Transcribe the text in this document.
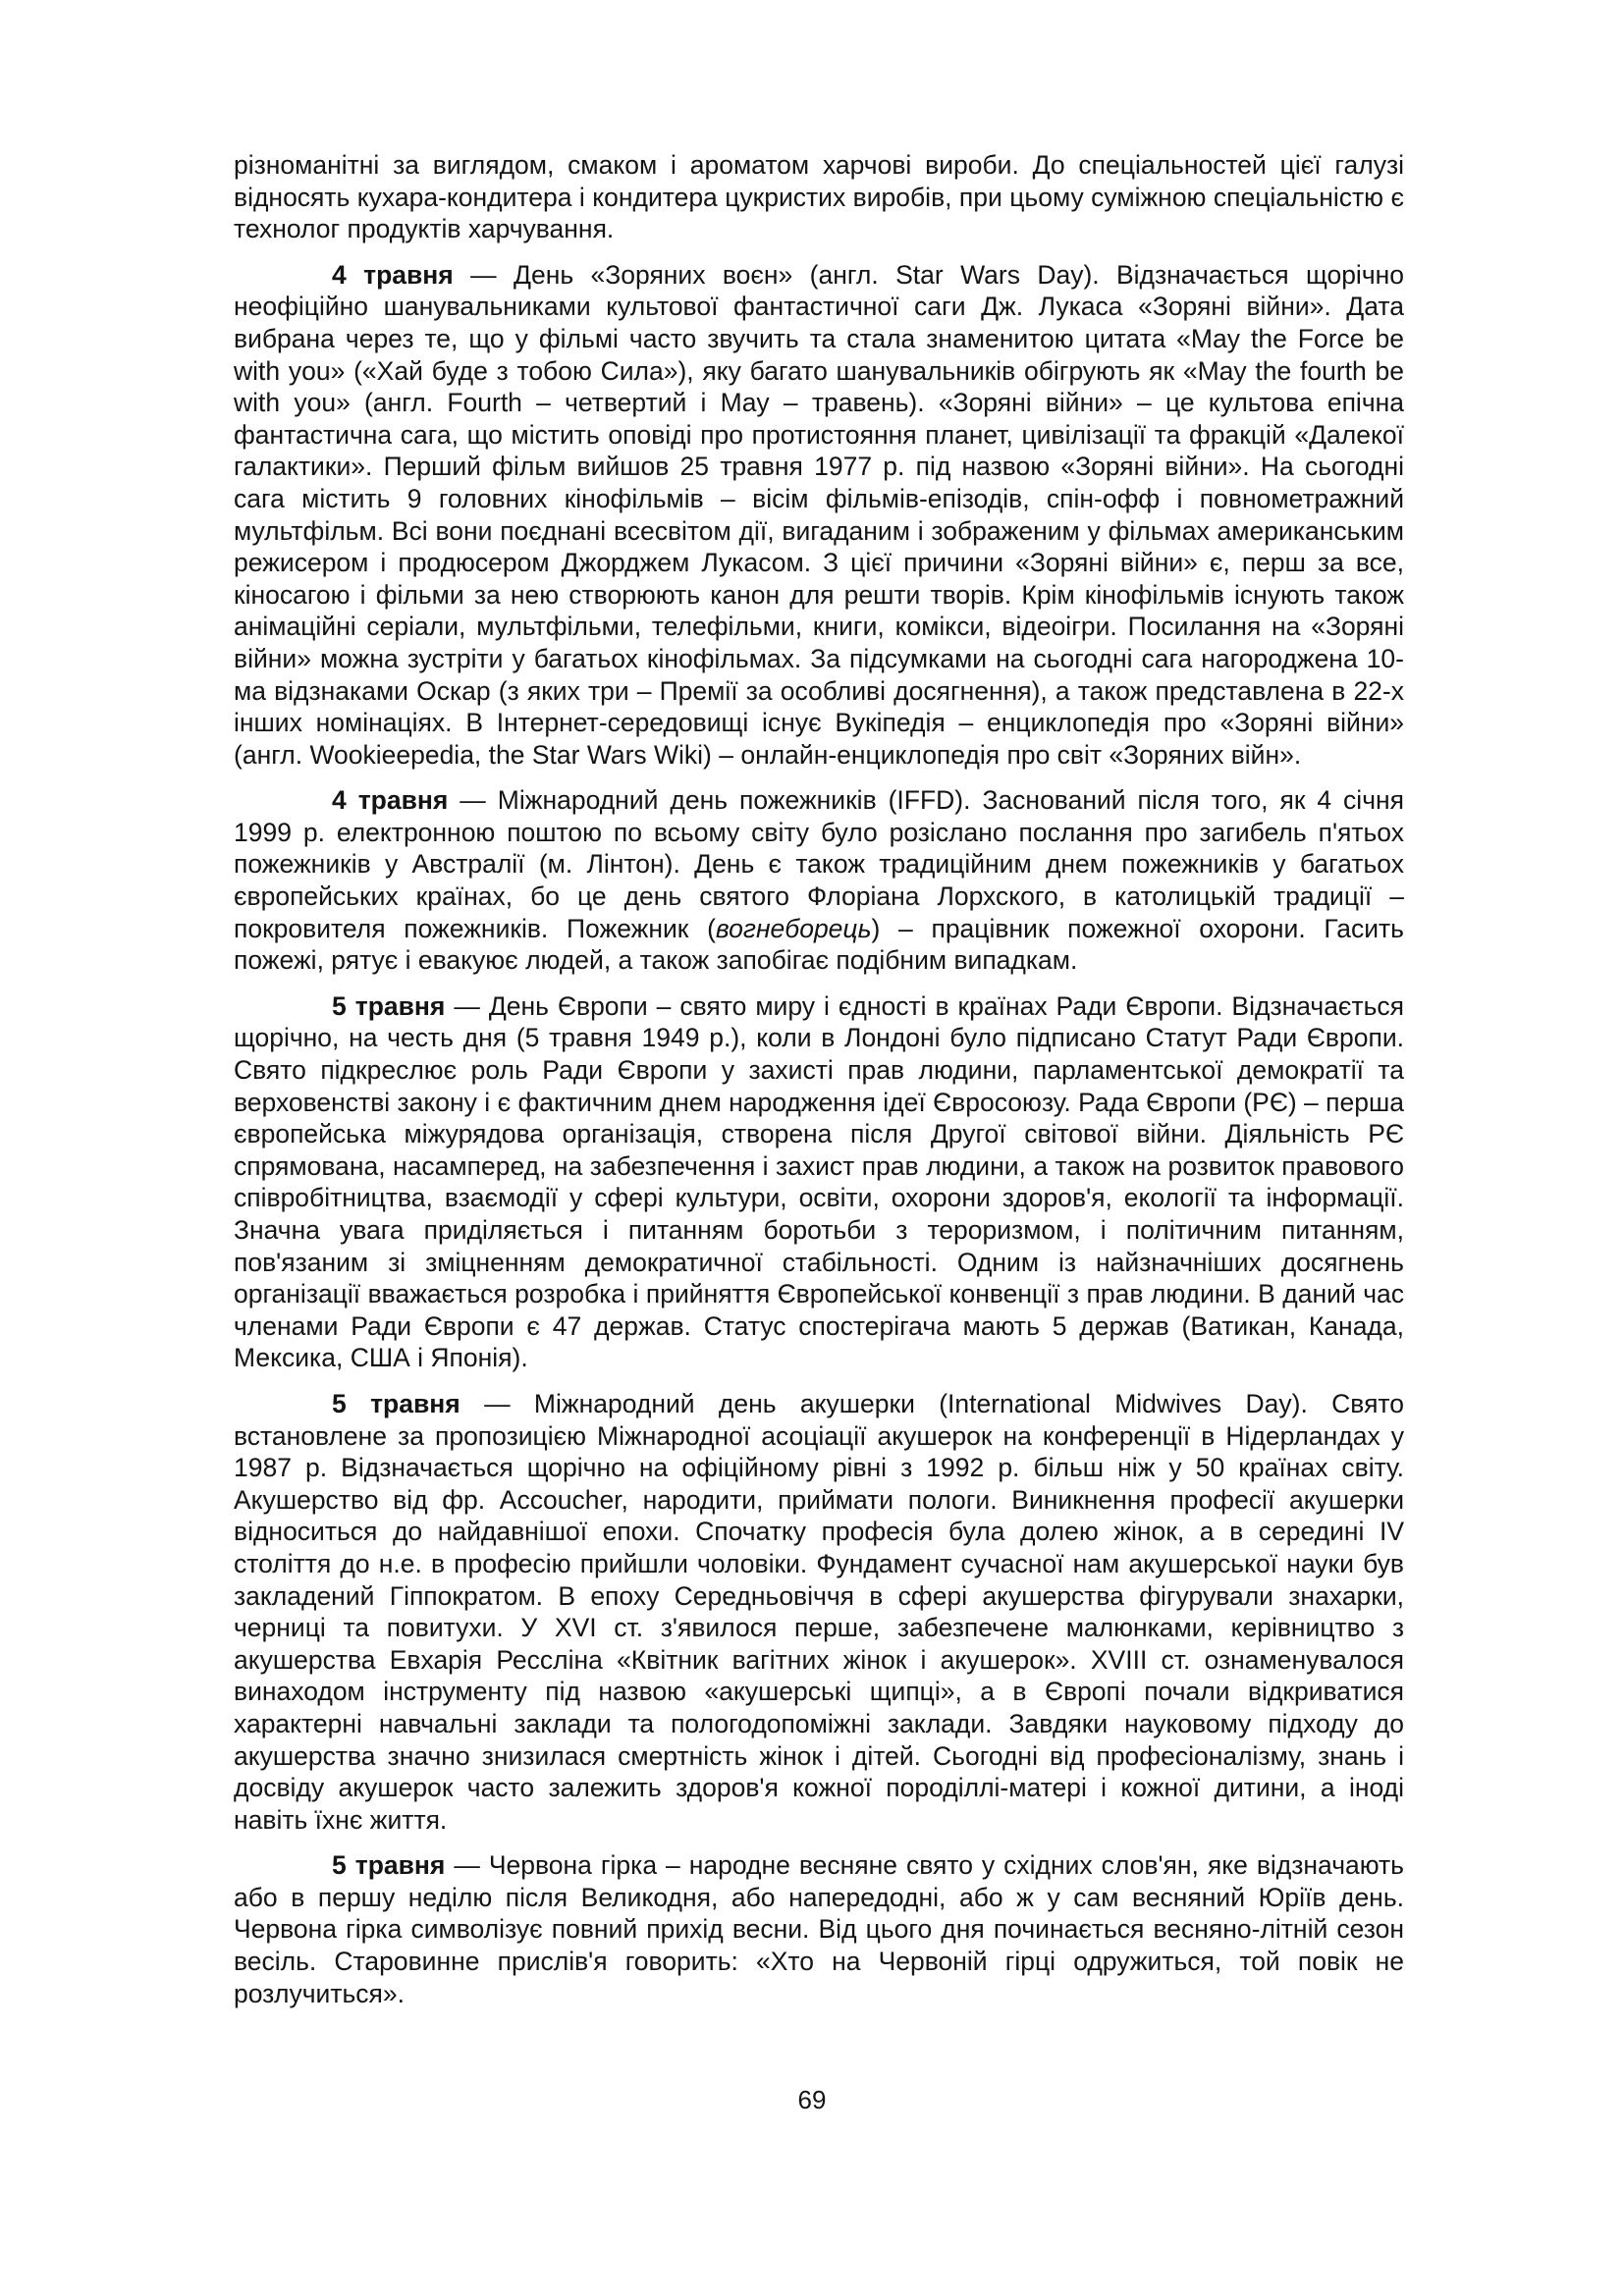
різноманітні за виглядом, смаком і ароматом харчові вироби. До спеціальностей цієї галузі відносять кухара-кондитера і кондитера цукристих виробів, при цьому суміжною спеціальністю є технолог продуктів харчування.

4 травня — День «Зоряних воєн» (англ. Star Wars Day). Відзначається щорічно неофіційно шанувальниками культової фантастичної саги Дж. Лукаса «Зоряні війни». Дата вибрана через те, що у фільмі часто звучить та стала знаменитою цитата «May the Force be with you» («Хай буде з тобою Сила»), яку багато шанувальників обігрують як «May the fourth be with you» (англ. Fourth – четвертий і May – травень). «Зоряні війни» – це культова епічна фантастична сага, що містить оповіді про протистояння планет, цивілізації та фракцій «Далекої галактики». Перший фільм вийшов 25 травня 1977 р. під назвою «Зоряні війни». На сьогодні сага містить 9 головних кінофільмів – вісім фільмів-епізодів, спін-офф і повнометражний мультфільм. Всі вони поєднані всесвітом дії, вигаданим і зображеним у фільмах американським режисером і продюсером Джорджем Лукасом. З цієї причини «Зоряні війни» є, перш за все, кіносагою і фільми за нею створюють канон для решти творів. Крім кінофільмів існують також анімаційні серіали, мультфільми, телефільми, книги, комікси, відеоігри. Посилання на «Зоряні війни» можна зустріти у багатьох кінофільмах. За підсумками на сьогодні сага нагороджена 10-ма відзнаками Оскар (з яких три – Премії за особливі досягнення), а також представлена в 22-х інших номінаціях. В Інтернет-середовищі існує Вукіпедія – енциклопедія про «Зоряні війни» (англ. Wookieepedia, the Star Wars Wiki) – онлайн-енциклопедія про світ «Зоряних війн».

4 травня — Міжнародний день пожежників (IFFD). Заснований після того, як 4 січня 1999 р. електронною поштою по всьому світу було розіслано послання про загибель п'ятьох пожежників у Австралії (м. Лінтон). День є також традиційним днем пожежників у багатьох європейських країнах, бо це день святого Флоріана Лорхского, в католицькій традиції – покровителя пожежників. Пожежник (вогнеборець) – працівник пожежної охорони. Гасить пожежі, рятує і евакуює людей, а також запобігає подібним випадкам.

5 травня — День Європи – свято миру і єдності в країнах Ради Європи. Відзначається щорічно, на честь дня (5 травня 1949 р.), коли в Лондоні було підписано Статут Ради Європи. Свято підкреслює роль Ради Європи у захисті прав людини, парламентської демократії та верховенстві закону і є фактичним днем народження ідеї Євросоюзу. Рада Європи (РЄ) – перша європейська міжурядова організація, створена після Другої світової війни. Діяльність РЄ спрямована, насамперед, на забезпечення і захист прав людини, а також на розвиток правового співробітництва, взаємодії у сфері культури, освіти, охорони здоров'я, екології та інформації. Значна увага приділяється і питанням боротьби з тероризмом, і політичним питанням, пов'язаним зі зміцненням демократичної стабільності. Одним із найзначніших досягнень організації вважається розробка і прийняття Європейської конвенції з прав людини. В даний час членами Ради Європи є 47 держав. Статус спостерігача мають 5 держав (Ватикан, Канада, Мексика, США і Японія).

5 травня — Міжнародний день акушерки (International Midwives Day). Свято встановлене за пропозицією Міжнародної асоціації акушерок на конференції в Нідерландах у 1987 р. Відзначається щорічно на офіційному рівні з 1992 р. більш ніж у 50 країнах світу. Акушерство від фр. Accoucher, народити, приймати пологи. Виникнення професії акушерки відноситься до найдавнішої епохи. Спочатку професія була долею жінок, а в середині IV століття до н.е. в професію прийшли чоловіки. Фундамент сучасної нам акушерської науки був закладений Гіппократом. В епоху Середньовіччя в сфері акушерства фігурували знахарки, черниці та повитухи. У XVI ст. з'явилося перше, забезпечене малюнками, керівництво з акушерства Евхарія Ресcліна «Квітник вагітних жінок і акушерок». XVIII ст. ознаменувалося винаходом інструменту під назвою «акушерські щипці», а в Європі почали відкриватися характерні навчальні заклади та пологодопоміжні заклади. Завдяки науковому підходу до акушерства значно знизилася смертність жінок і дітей. Сьогодні від професіоналізму, знань і досвіду акушерок часто залежить здоров'я кожної породіллі-матері і кожної дитини, а іноді навіть їхнє життя.

5 травня — Червона гірка – народне весняне свято у східних слов'ян, яке відзначають або в першу неділю після Великодня, або напередодні, або ж у сам весняний Юріїв день. Червона гірка символізує повний прихід весни. Від цього дня починається весняно-літній сезон весіль. Старовинне прислів'я говорить: «Хто на Червоній гірці одружиться, той повік не розлучиться».

69
